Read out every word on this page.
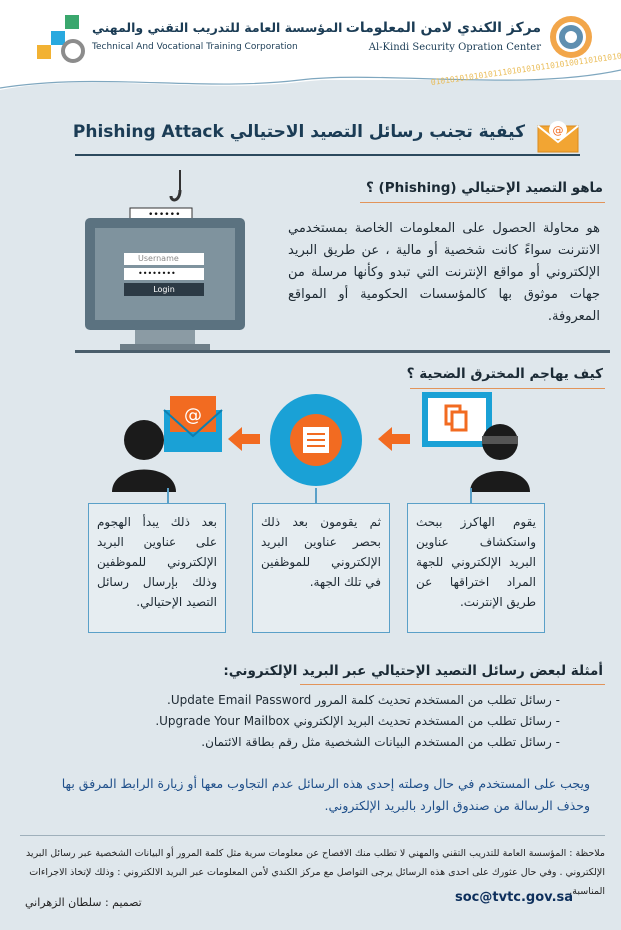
مركز الكندي لامن المعلومات
Al-Kindi Security Opration Center
المؤسسة العامة للتدريب التقني والمهني
Technical And Vocational Training Corporation
@
كيفية تجنب رسائل التصيد الاحتيالي Phishing Attack
ماهو التصيد الإحتيالي (Phishing) ؟
••••••
Username
••••••••
Login
هو محاولة الحصول على المعلومات الخاصة بمستخدمي الانترنت سواءً كانت شخصية أو مالية ، عن طريق البريد الإلكتروني أو مواقع الإنترنت التي تبدو وكأنها مرسلة من جهات موثوق بها كالمؤسسات الحكومية أو المواقع المعروفة.
كيف يهاجم المخترق الضحية ؟
@
يقوم الهاكرز ببحث واستكشاف عناوين البريد الإلكتروني للجهة المراد اختراقها عن طريق الإنترنت.
ثم يقومون بعد ذلك بحصر عناوين البريد الإلكتروني للموظفين في تلك الجهة.
بعد ذلك يبدأ الهجوم على عناوين البريد الإلكتروني للموظفين وذلك بإرسال رسائل التصيد الإحتيالي.
أمثلة لبعض رسائل التصيد الإحتيالي عبر البريد الإلكتروني:
- رسائل تطلب من المستخدم تحديث كلمة المرور Update Email Password.
- رسائل تطلب من المستخدم تحديث البريد الإلكتروني Upgrade Your Mailbox.
- رسائل تطلب من المستخدم البيانات الشخصية مثل رقم بطاقة الائتمان.
ويجب على المستخدم في حال وصلته إحدى هذه الرسائل عدم التجاوب معها أو زيارة الرابط المرفق بها وحذف الرسالة من صندوق الوارد بالبريد الإلكتروني.
ملاحظة : المؤسسة العامة للتدريب التقني والمهني لا تطلب منك الافصاح عن معلومات سرية مثل كلمة المرور أو البيانات الشخصية عبر رسائل البريد الإلكتروني . وفي حال عثورك على احدى هذه الرسائل يرجى التواصل مع مركز الكندي لأمن المعلومات عبر البريد الالكتروني : وذلك لإتخاذ الاجراءات المناسبة.
soc@tvtc.gov.sa
تصميم : سلطان الزهراني
